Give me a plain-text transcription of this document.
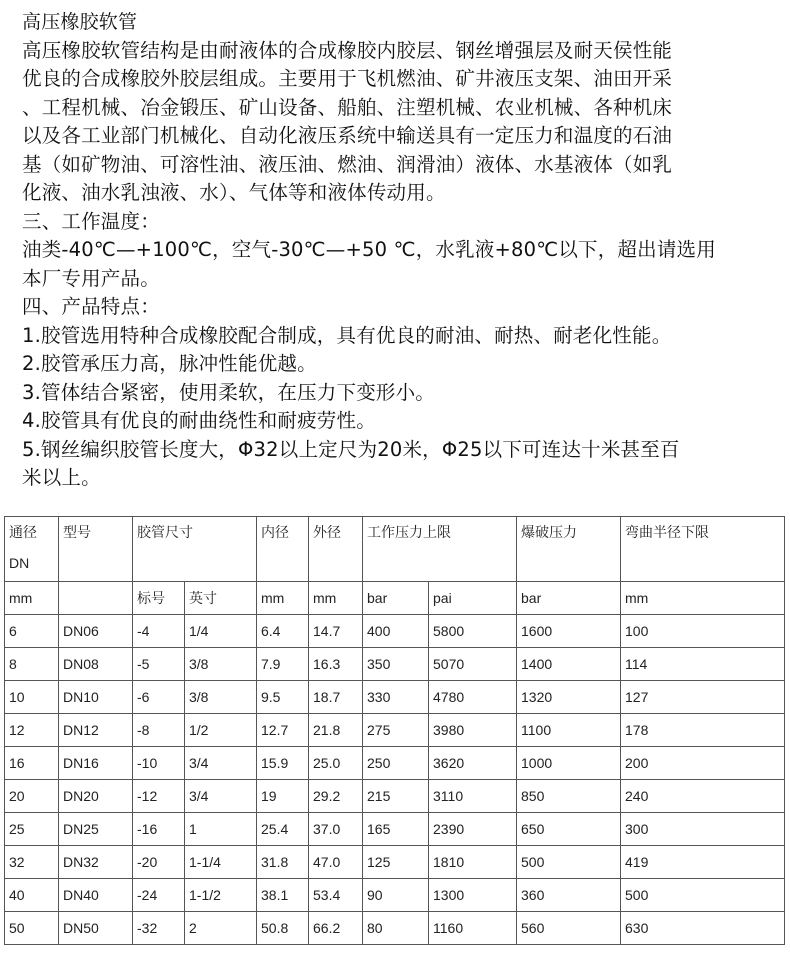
高压橡胶软管
高压橡胶软管结构是由耐液体的合成橡胶内胶层、钢丝增强层及耐天侯性能
优良的合成橡胶外胶层组成。主要用于飞机燃油、矿井液压支架、油田开采
、工程机械、冶金锻压、矿山设备、船舶、注塑机械、农业机械、各种机床
以及各工业部门机械化、自动化液压系统中输送具有一定压力和温度的石油
基（如矿物油、可溶性油、液压油、燃油、润滑油）液体、水基液体（如乳
化液、油水乳浊液、水）、气体等和液体传动用。
三、工作温度：
油类-40℃—+100℃，空气-30℃—+50 ℃，水乳液+80℃以下，超出请选用
本厂专用产品。
四、产品特点：
1.胶管选用特种合成橡胶配合制成，具有优良的耐油、耐热、耐老化性能。
2.胶管承压力高，脉冲性能优越。
3.管体结合紧密，使用柔软，在压力下变形小。
4.胶管具有优良的耐曲绕性和耐疲劳性。
5.钢丝编织胶管长度大，Φ32以上定尺为20米，Φ25以下可连达十米甚至百
米以上。
通径
DN	型号	胶管尺寸		内径	外径	工作压力上限		爆破压力	弯曲半径下限
mm		标号	英寸	mm	mm	bar	pai	bar	mm
6	DN06	-4	1/4	6.4	14.7	400	5800	1600	100
8	DN08	-5	3/8	7.9	16.3	350	5070	1400	114
10	DN10	-6	3/8	9.5	18.7	330	4780	1320	127
12	DN12	-8	1/2	12.7	21.8	275	3980	1100	178
16	DN16	-10	3/4	15.9	25.0	250	3620	1000	200
20	DN20	-12	3/4	19	29.2	215	3110	850	240
25	DN25	-16	1	25.4	37.0	165	2390	650	300
32	DN32	-20	1-1/4	31.8	47.0	125	1810	500	419
40	DN40	-24	1-1/2	38.1	53.4	90	1300	360	500
50	DN50	-32	2	50.8	66.2	80	1160	560	630
